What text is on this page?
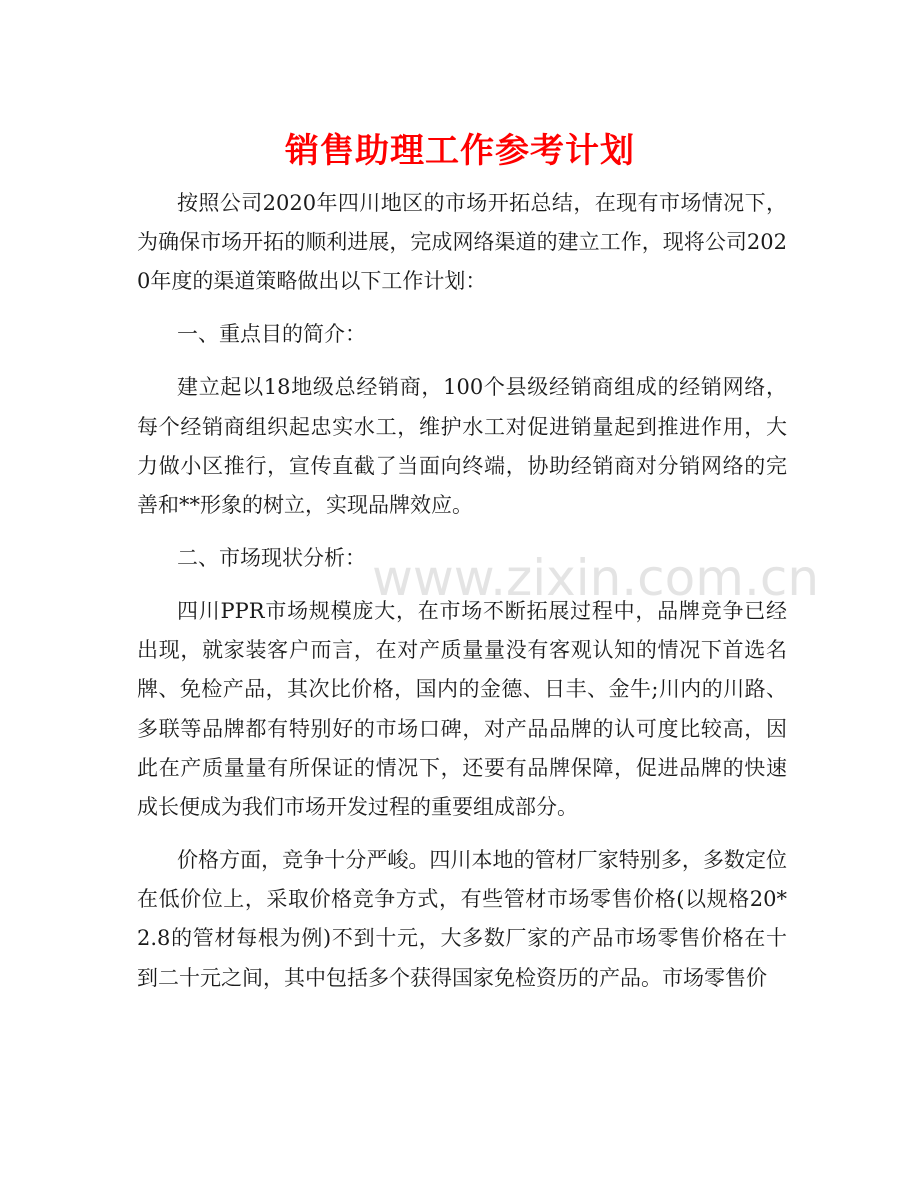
销售助理工作参考计划

按照公司2020年四川地区的市场开拓总结，在现有市场情况下，为确保市场开拓的顺利进展，完成网络渠道的建立工作，现将公司2020年度的渠道策略做出以下工作计划：

一、重点目的简介：

建立起以18地级总经销商，100个县级经销商组成的经销网络，每个经销商组织起忠实水工，维护水工对促进销量起到推进作用，大力做小区推行，宣传直截了当面向终端，协助经销商对分销网络的完善和**形象的树立，实现品牌效应。

二、市场现状分析：

四川PPR市场规模庞大，在市场不断拓展过程中，品牌竞争已经出现，就家装客户而言，在对产质量量没有客观认知的情况下首选名牌、免检产品，其次比价格，国内的金德、日丰、金牛;川内的川路、多联等品牌都有特别好的市场口碑，对产品品牌的认可度比较高，因此在产质量量有所保证的情况下，还要有品牌保障，促进品牌的快速成长便成为我们市场开发过程的重要组成部分。

价格方面，竞争十分严峻。四川本地的管材厂家特别多，多数定位在低价位上，采取价格竞争方式，有些管材市场零售价格(以规格20*2.8的管材每根为例)不到十元，大多数厂家的产品市场零售价格在十到二十元之间，其中包括多个获得国家免检资历的产品。市场零售价

www.zixin.com.cn
